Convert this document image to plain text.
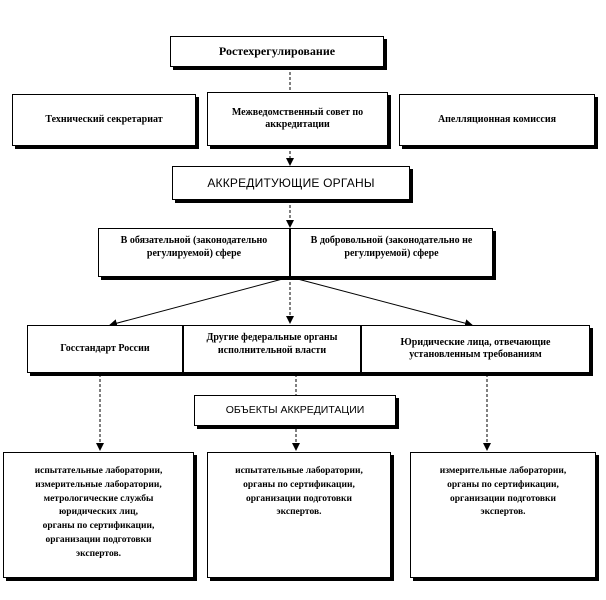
Ростехрегулирование
Технический секретариат
Межведомственный совет по аккредитации	Апелляционная комиссия
АККРЕДИТУЮЩИЕ ОРГАНЫ
В обязательной (законодательно регулируемой) сфере
В добровольной (законодательно не регулируемой) сфере
Госстандарт России
Другие федеральные органы исполнительной власти
Юридические лица, отвечающие установленным требованиям
ОБЪЕКТЫ АККРЕДИТАЦИИ
испытательные лаборатории,
измерительные лаборатории,
метрологические службы
юридических лиц,
органы по сертификации,
организации подготовки
экспертов.
испытательные лаборатории,
органы по сертификации,
организации подготовки
экспертов.
измерительные лаборатории,
органы по сертификации,
организации подготовки
экспертов.
